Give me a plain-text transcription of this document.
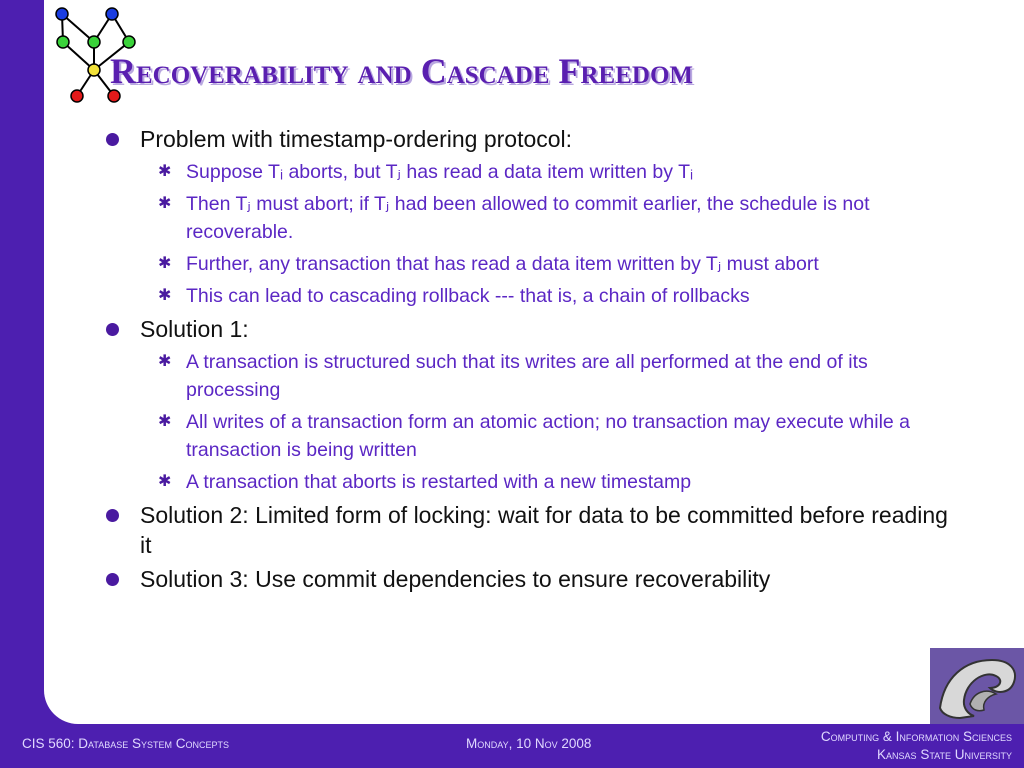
Recoverability and Cascade Freedom
Problem with timestamp-ordering protocol:
✱ Suppose Tᵢ aborts, but Tⱼ has read a data item written by Tᵢ
✱ Then Tⱼ must abort; if Tⱼ had been allowed to commit earlier, the schedule is not recoverable.
✱ Further, any transaction that has read a data item written by Tⱼ must abort
✱ This can lead to cascading rollback --- that is, a chain of rollbacks
Solution 1:
✱ A transaction is structured such that its writes are all performed at the end of its processing
✱ All writes of a transaction form an atomic action; no transaction may execute while a transaction is being written
✱ A transaction that aborts is restarted with a new timestamp
Solution 2: Limited form of locking: wait for data to be committed before reading it
Solution 3: Use commit dependencies to ensure recoverability
CIS 560: Database System Concepts	Monday, 10 Nov 2008	Computing & Information Sciences
Kansas State University
